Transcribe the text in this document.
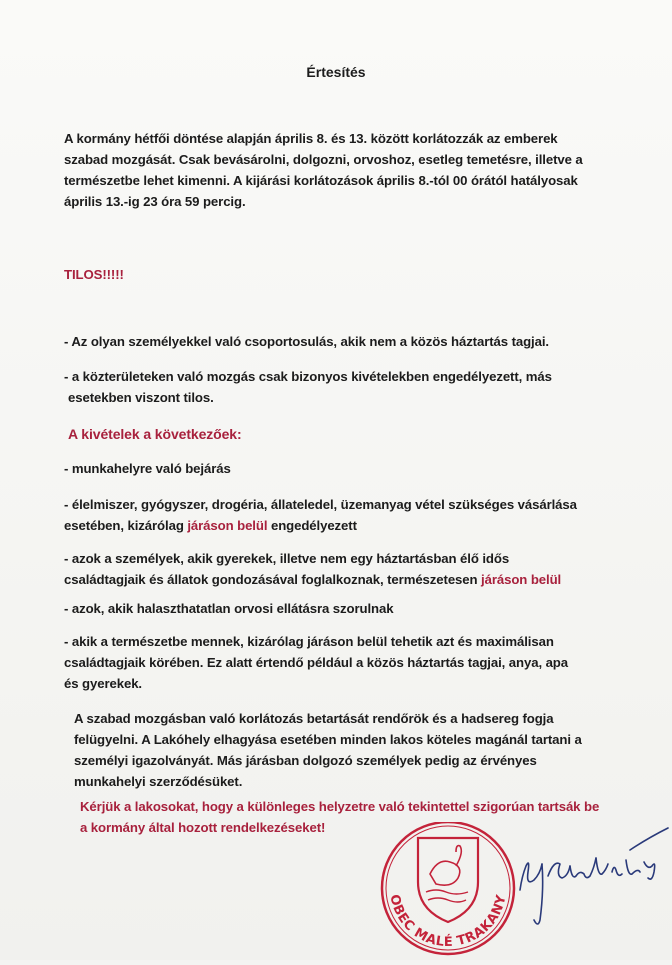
Értesítés
A kormány hétfői döntése alapján április 8. és 13. között korlátozzák az emberek
szabad mozgását. Csak bevásárolni, dolgozni, orvoshoz, esetleg temetésre, illetve a
természetbe lehet kimenni. A kijárási korlátozások április 8.-tól 00 órától hatályosak
április 13.-ig 23 óra 59 percig.
TILOS!!!!!
- Az olyan személyekkel való csoportosulás, akik nem a közös háztartás tagjai.
- a közterületeken való mozgás csak bizonyos kivételekben engedélyezett, más
esetekben viszont tilos.
A kivételek a következőek:
- munkahelyre való bejárás
- élelmiszer, gyógyszer, drogéria, állateledel, üzemanyag vétel szükséges vásárlása
esetében, kizárólag járáson belül engedélyezett
- azok a személyek, akik gyerekek, illetve nem egy háztartásban élő idős
családtagjaik és állatok gondozásával foglalkoznak, természetesen járáson belül
- azok, akik halaszthatatlan orvosi ellátásra szorulnak
- akik a természetbe mennek, kizárólag járáson belül tehetik azt és maximálisan
családtagjaik körében. Ez alatt értendő például a közös háztartás tagjai, anya, apa
és gyerekek.
A szabad mozgásban való korlátozás betartását rendőrök és a hadsereg fogja
felügyelni. A Lakóhely elhagyása esetében minden lakos köteles magánál tartani a
személyi igazolványát. Más járásban dolgozó személyek pedig az érvényes
munkahelyi szerződésüket.
Kérjük a lakosokat, hogy a különleges helyzetre való tekintettel szigorúan tartsák be
a kormány által hozott rendelkezéseket!
OBEC MALÉ TRAKANY
